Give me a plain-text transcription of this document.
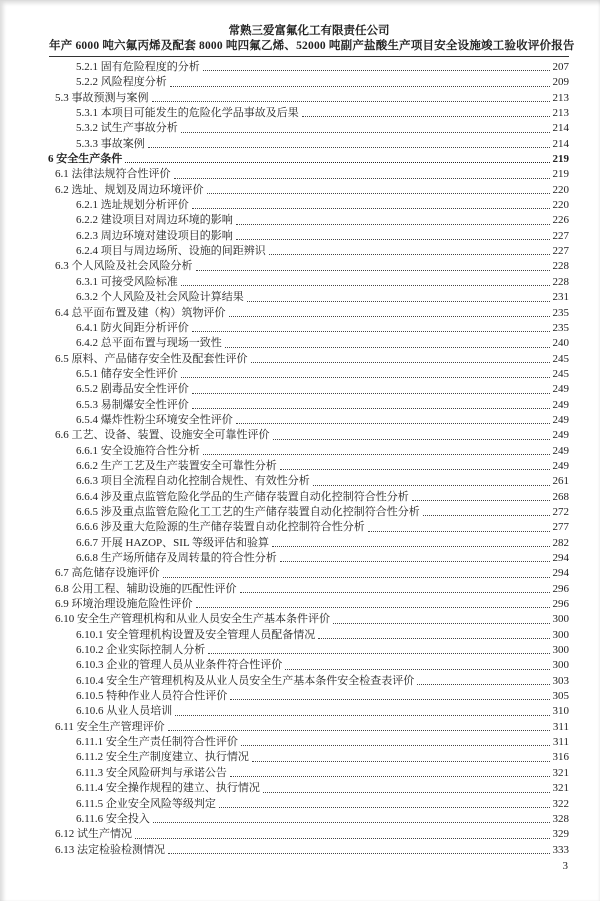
常熟三爱富氟化工有限责任公司
年产 6000 吨六氟丙烯及配套 8000 吨四氟乙烯、52000 吨副产盐酸生产项目安全设施竣工验收评价报告
5.2.1 固有危险程度的分析	207
5.2.2 风险程度分析	209
5.3 事故预测与案例	213
5.3.1 本项目可能发生的危险化学品事故及后果	213
5.3.2 试生产事故分析	214
5.3.3 事故案例	214
6 安全生产条件	219
6.1 法律法规符合性评价	219
6.2 选址、规划及周边环境评价	220
6.2.1 选址规划分析评价	220
6.2.2 建设项目对周边环境的影响	226
6.2.3 周边环境对建设项目的影响	227
6.2.4 项目与周边场所、设施的间距辨识	227
6.3 个人风险及社会风险分析	228
6.3.1 可接受风险标准	228
6.3.2 个人风险及社会风险计算结果	231
6.4 总平面布置及建（构）筑物评价	235
6.4.1 防火间距分析评价	235
6.4.2 总平面布置与现场一致性	240
6.5 原料、产品储存安全性及配套性评价	245
6.5.1 储存安全性评价	245
6.5.2 剧毒品安全性评价	249
6.5.3 易制爆安全性评价	249
6.5.4 爆炸性粉尘环境安全性评价	249
6.6 工艺、设备、装置、设施安全可靠性评价	249
6.6.1 安全设施符合性分析	249
6.6.2 生产工艺及生产装置安全可靠性分析	249
6.6.3 项目全流程自动化控制合规性、有效性分析	261
6.6.4 涉及重点监管危险化学品的生产储存装置自动化控制符合性分析	268
6.6.5 涉及重点监管危险化工工艺的生产储存装置自动化控制符合性分析	272
6.6.6 涉及重大危险源的生产储存装置自动化控制符合性分析	277
6.6.7 开展 HAZOP、SIL 等级评估和验算	282
6.6.8 生产场所储存及周转量的符合性分析	294
6.7 高危储存设施评价	294
6.8 公用工程、辅助设施的匹配性评价	296
6.9 环境治理设施危险性评价	296
6.10 安全生产管理机构和从业人员安全生产基本条件评价	300
6.10.1 安全管理机构设置及安全管理人员配备情况	300
6.10.2 企业实际控制人分析	300
6.10.3 企业的管理人员从业条件符合性评价	300
6.10.4 安全生产管理机构及从业人员安全生产基本条件安全检查表评价	303
6.10.5 特种作业人员符合性评价	305
6.10.6 从业人员培训	310
6.11 安全生产管理评价	311
6.11.1 安全生产责任制符合性评价	311
6.11.2 安全生产制度建立、执行情况	316
6.11.3 安全风险研判与承诺公告	321
6.11.4 安全操作规程的建立、执行情况	321
6.11.5 企业安全风险等级判定	322
6.11.6 安全投入	328
6.12 试生产情况	329
6.13 法定检验检测情况	333
3
